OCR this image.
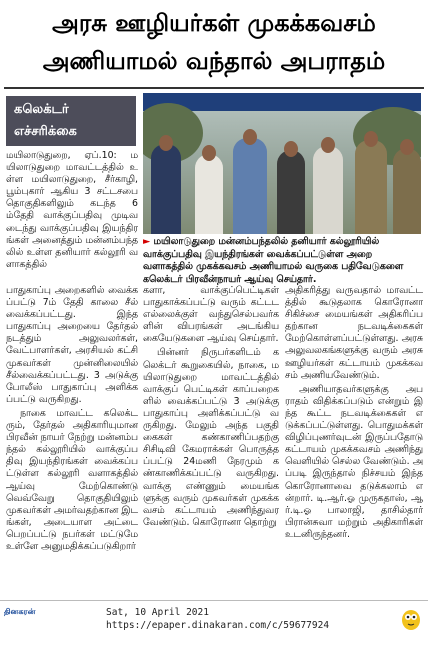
அரசு ஊழியர்கள் முகக்கவசம்
அணியாமல் வந்தால் அபராதம்
கலெக்டர்
எச்சரிக்கை
► மயிலாடுதுறை மன்னம்பந்தலில் தனியார் கல்லூரியில் வாக்குப்பதிவு இயந்திரங்கள் வைக்கப்பட்டுள்ள அறை வளாகத்தில் முகக்கவசம் அணியாமல் வருகை பதிவேடுகளை கலெக்டர் பிரவீன்நாயர் ஆய்வு செய்தார்.

மயிலாடுதுறை, ஏப்.10: மயிலாடுதுறை மாவட்டத்தில் உள்ள மயிலாடுதுறை, சீர்காழி, பூம்புகார் ஆகிய 3 சட்டசபை தொகுதிகளிலும் கடந்த 6ம்தேதி வாக்குப்பதிவு முடிவடைந்து வாக்குப்பதிவு இயந்திரங்கள் அனைத்தும் மன்னம்பந்தலில் உள்ள தனியார் கல்லூரி வளாகத்தில்

பாதுகாப்பு அறைகளில் வைக்கப்பட்டு 7ம் தேதி காலை சீல் வைக்கப்பட்டது. இந்த பாதுகாப்பு அறையை தேர்தல் நடத்தும் அலுவலர்கள், வேட்பாளர்கள், அரசியல் கட்சி முகவர்கள் முன்னிலையில் சீல்வைக்கப்பட்டது. 3 அடுக்கு போலீஸ் பாதுகாப்பு அளிக்கப்பட்டு வருகிறது.

நாகை மாவட்ட கலெக்டரும், தேர்தல் அதிகாரியுமான பிரவீன் நாயர் நேற்று மன்னம்பந்தல் கல்லூரியில் வாக்குப்பதிவு இயந்திரங்கள் வைக்கப்பட்டுள்ள கல்லூரி வளாகத்தில் ஆய்வு மேற்கொண்டு வெவ்வேறு தொகுதியிலும் முகவர்கள் அமர்வதற்கான இடங்கள், அடையாள அட்டை பெறப்பட்டு நபர்கள் மட்டுமே உள்ளே அனுமதிக்கப்படுகிறார்

களா, வாக்குப்பெட்டிகள் பாதுகாக்கப்பட்டு வரும் கட்டட எல்லைக்குள் வந்துசெல்பவர்களின் விபரங்கள் அடங்கிய கையேடுகளை ஆய்வு செய்தார்.

பின்னர் நிருபர்களிடம் கலெக்டர் கூறுகையில், நாகை, மயிலாடுதுறை மாவட்டத்தில் வாக்குப் பெட்டிகள் காப்பறைகளில் வைக்கப்பட்டு 3 அடுக்கு பாதுகாப்பு அளிக்கப்பட்டு வருகிறது. மேலும் அந்த பகுதி கைகள் கண்காணிப்பதற்கு சிசிடிவி கேமராக்கள் பொருத்தப்பட்டு 24மணி நேரமும் கண்காணிக்கப்பட்டு வருகிறது. வாக்கு எண்ணும் மையங்களுக்கு வரும் முகவர்கள் முகக்கவசம் கட்டாயம் அணிந்துவர வேண்டும். கொரோனா தொற்று

அதிகரித்து வருவதால் மாவட்டத்தில் கூடுதலாக கொரோனா சிகிச்சை மையங்கள் அதிகரிப்பதற்கான நடவடிக்கைகள் மேற்கொள்ளப்பட்டுள்ளது. அரசு அலுவலகங்களுக்கு வரும் அரசு ஊழியர்கள் கட்டாயம் முகக்கவசம் அணியவேண்டும்.

அணியாதவர்களுக்கு அபராதம் விதிக்கப்படும் என்றும் இந்த கூட்ட நடவடிக்கைகள் எடுக்கப்பட்டுள்ளது. பொதுமக்கள் விழிப்புணர்வுடன் இருப்பதோடு கட்டாயம் முகக்கவசம் அணிந்து வெளியில் செல்ல வேண்டும். அப்படி இருந்தால் நிச்சயம் இந்த கொரோனாவை தடுக்கலாம் என்றார். டி.ஆர்.ஓ முருகதாஸ், ஆர்.டி.ஓ பாலாஜி, தாசில்தார் பிரான்சுவா மற்றும் அதிகாரிகள் உடனிருந்தனர்.

தினகரன்	Sat, 10 April 2021
https://epaper.dinakaran.com/c/59677924
